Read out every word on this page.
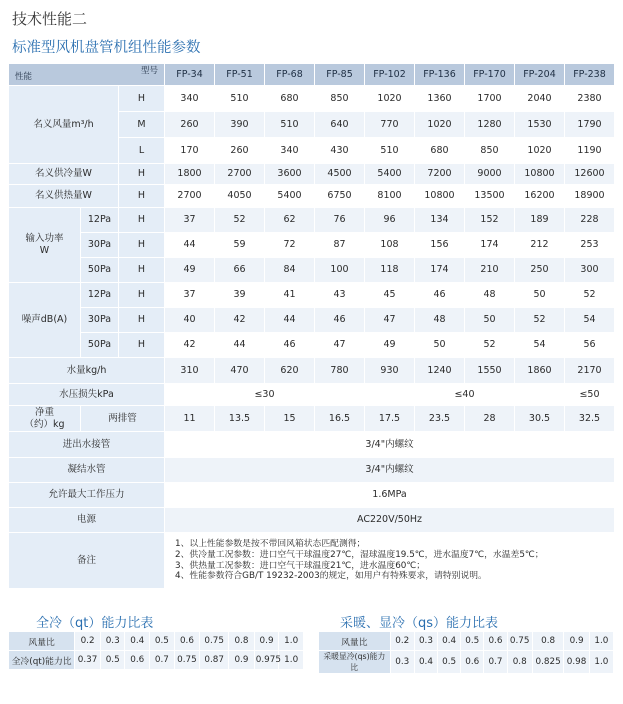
技术性能二
标准型风机盘管机组性能参数
型号
性能			FP-34	FP-51	FP-68	FP-85	FP-102	FP-136	FP-170	FP-204	FP-238
名义风量m³/h		H	340	510	680	850	1020	1360	1700	2040	2380
		M	260	390	510	640	770	1020	1280	1530	1790
		L	170	260	340	430	510	680	850	1020	1190
名义供冷量W		H	1800	2700	3600	4500	5400	7200	9000	10800	12600
名义供热量W		H	2700	4050	5400	6750	8100	10800	13500	16200	18900
输入功率
W	12Pa	H	37	52	62	76	96	134	152	189	228
	30Pa	H	44	59	72	87	108	156	174	212	253
	50Pa	H	49	66	84	100	118	174	210	250	300
噪声dB(A)	12Pa	H	37	39	41	43	45	46	48	50	52
	30Pa	H	40	42	44	46	47	48	50	52	54
	50Pa	H	42	44	46	47	49	50	52	54	56
水量kg/h			310	470	620	780	930	1240	1550	1860	2170
水压损失kPa			≤30				≤40				≤50
净重
（约）kg	两排管		11	13.5	15	16.5	17.5	23.5	28	30.5	32.5
进出水接管			3/4"内螺纹								
凝结水管			3/4"内螺纹								
允许最大工作压力			1.6MPa								
电源			AC220V/50Hz								
备注			1、以上性能参数是按不带回风箱状态匹配测得；
2、供冷量工况参数：进口空气干球温度27℃，湿球温度19.5℃，进水温度7℃，水温差5℃；
3、供热量工况参数：进口空气干球温度21℃，进水温度60℃；
4、性能参数符合GB/T 19232-2003的规定，如用户有特殊要求，请特别说明。								
全冷（qt）能力比表
风量比	0.2	0.3	0.4	0.5	0.6	0.75	0.8	0.9	1.0
全冷(qt)能力比	0.37	0.5	0.6	0.7	0.75	0.87	0.9	0.975	1.0
采暖、显冷（qs）能力比表
风量比	0.2	0.3	0.4	0.5	0.6	0.75	0.8	0.9	1.0
采暖显冷(qs)能力比	0.3	0.4	0.5	0.6	0.7	0.8	0.825	0.98	1.0
